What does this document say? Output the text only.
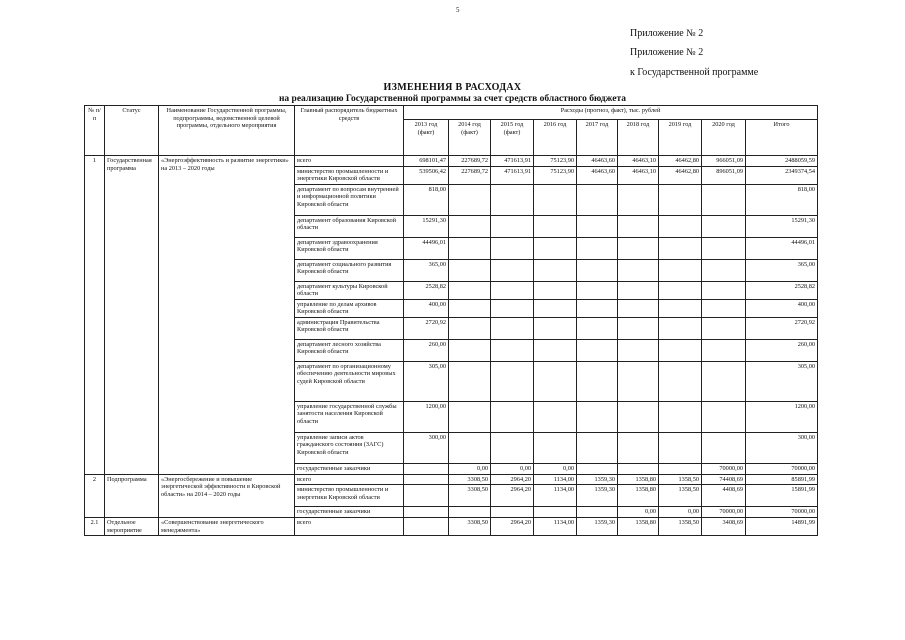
5
Приложение № 2
Приложение № 2
к Государственной программе
ИЗМЕНЕНИЯ В РАСХОДАХ
на реализацию Государственной программы за счет средств областного бюджета
№ п/п	Статус	Наименование Государственной программы, подпрограммы, ведомственной целевой программы, отдельного мероприятия	Главный распорядитель бюджетных средств	Расходы (прогноз, факт), тыс. рублей								
				2013 год (факт)	2014 год (факт)	2015 год (факт)	2016 год	2017 год	2018 год	2019 год	2020 год	Итого
1	Государственная программа	«Энергоэффективность и развитие энергетики» на 2013 – 2020 годы	всего	698101,47	227689,72	471613,91	75123,90	46463,60	46463,10	46462,80	966051,09	2488059,59
			министерство промышленности и энергетики Кировской области	539506,42	227689,72	471613,91	75123,90	46463,60	46463,10	46462,80	896051,09	2349374,54
			департамент по вопросам внутренней и информационной политики Кировской области	818,00								818,00
			департамент образования Кировской области	15291,30								15291,30
			департамент здравоохранения Кировской области	44496,01								44496,01
			департамент социального развития Кировской области	365,00								365,00
			департамент культуры Кировской области	2528,82								2528,82
			управление по делам архивов Кировской области	400,00								400,00
			администрация Правительства Кировской области	2720,92								2720,92
			департамент лесного хозяйства Кировской области	260,00								260,00
			департамент по организационному обеспечению деятельности мировых судей Кировской области	305,00								305,00
			управление государственной службы занятости населения Кировской области	1200,00								1200,00
			управление записи актов гражданского состояния (ЗАГС) Кировской области	300,00								300,00
			государственные заказчики		0,00	0,00	0,00				70000,00	70000,00
2	Подпрограмма	«Энергосбережение и повышение энергетической эффективности в Кировской области» на 2014 – 2020 годы	всего		3308,50	2964,20	1134,00	1359,30	1358,80	1358,50	74408,69	85891,99
			министерство промышленности и энергетики Кировской области		3308,50	2964,20	1134,00	1359,30	1358,80	1358,50	4408,69	15891,99
			государственные заказчики						0,00	0,00	70000,00	70000,00
2.1	Отдельное мероприятие	«Совершенствование энергетического менеджмента»	всего		3308,50	2964,20	1134,00	1359,30	1358,80	1358,50	3408,69	14891,99
